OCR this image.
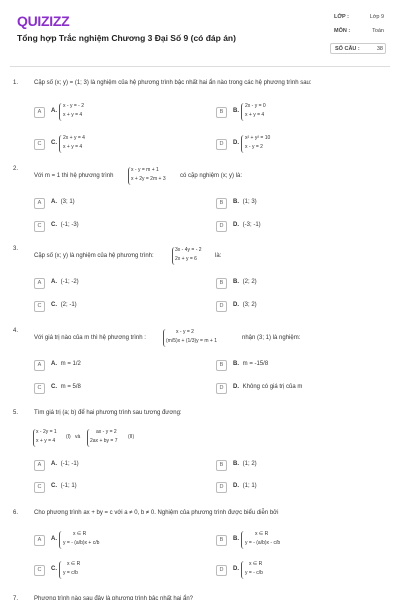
QUIZIZZ
Tổng hợp Trắc nghiệm Chương 3 Đại Số 9 (có đáp án)
LỚP :	Lớp 9
MÔN :	Toán
SỐ CÂU :	38
1.	Cặp số (x; y) = (1; 3) là nghiệm của hệ phương trình bậc nhất hai ẩn nào trong các hệ phương trình sau:
A	A.
x - y = - 2
x + y = 4	B	B.
2x - y = 0
x + y = 4
C	C.
2x + y = 4
x + y = 4	D	D.
x² + y² = 10
x - y = 2
2.
Với m = 1 thì hệ phương trình
x - y = m + 1
x + 2y = 2m + 3 có cặp nghiệm (x; y) là:
A	A. (3; 1)	B	B. (1; 3)
C	C. (-1; -3)	D	D. (-3; -1)
3.
Cặp số (x; y) là nghiệm của hệ phương trình:
3x - 4y = - 2
2x + y = 6	là:
A	A. (-1; -2)	B	B. (2; 2)
C	C. (2; -1)	D	D. (3; 2)
4.
Với giá trị nào của m thì hệ phương trình :
x - y = 2
(m/5)x + (1/3)y = m + 1	nhận (3; 1) là nghiệm:
A	A. m = 1/2	B	B. m = -15/8
C	C. m = 5/8	D	D. Không có giá trị của m
5.	Tìm giá trị (a; b) để hai phương trình sau tương đương:
x - 2y = 1
x + y = 4
(I) và
ax - y = 2
2ax + by = 7
(II)
A	A. (-1; -1)	B	B. (1; 2)
C	C. (-1; 1)	D	D. (1; 1)
6.	Cho phương trình ax + by = c với a ≠ 0, b ≠ 0. Nghiệm của phương trình được biểu diễn bởi
A	A.
x ∈ R
y = - (a/b)x + c/b	B	B.
x ∈ R
y = - (a/b)x - c/b
C	C.
x ∈ R
y = c/b	D	D.
x ∈ R
y = - c/b
7.	Phương trình nào sau đây là phương trình bậc nhất hai ẩn?
